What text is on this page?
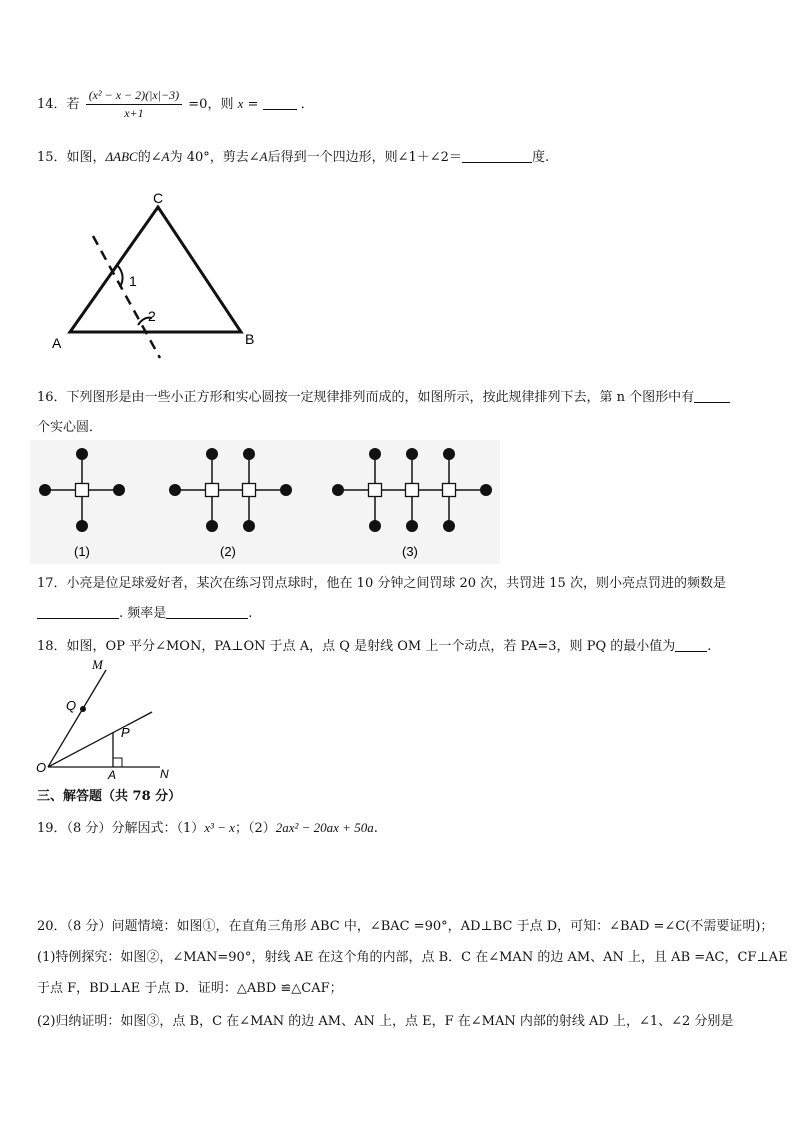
14．若 $\frac{\text{(x² − x − 2)(|x|−3)}}{x+1} =0$，则 x =	．
15．如图，ΔABC的∠A为 40°，剪去∠A后得到一个四边形，则∠1＋∠2＝	度.
A	B
C
1
2
16．下列图形是由一些小正方形和实心圆按一定规律排列而成的，如图所示，按此规律排列下去，第 n 个图形中有
个实心圆．
(1)	(2)	(3)
17．小亮是位足球爱好者，某次在练习罚点球时，他在 10 分钟之间罚球 20 次，共罚进 15 次，则小亮点罚进的频数是
. 频率是	.
18．如图，OP 平分∠MON，PA⊥ON 于点 A，点 Q 是射线 OM 上一个动点，若 PA=3，则 PQ 的最小值为 .
M
Q
P
O	A	N
三、解答题（共 78 分）
19．（8 分）分解因式：（1）x³ − x；（2）2ax² − 20ax + 50a.
20．（8 分）问题情境：如图①，在直角三角形 ABC 中，∠BAC =90°，AD⊥BC 于点 D，可知：∠BAD =∠C(不需要证明)；
(1)特例探究：如图②，∠MAN=90°，射线 AE 在这个角的内部，点 B．C 在∠MAN 的边 AM、AN 上，且 AB =AC，CF⊥AE
于点 F，BD⊥AE 于点 D．证明：△ABD ≌△CAF；
(2)归纳证明：如图③，点 B，C 在∠MAN 的边 AM、AN 上，点 E，F 在∠MAN 内部的射线 AD 上，∠1、∠2 分别是
